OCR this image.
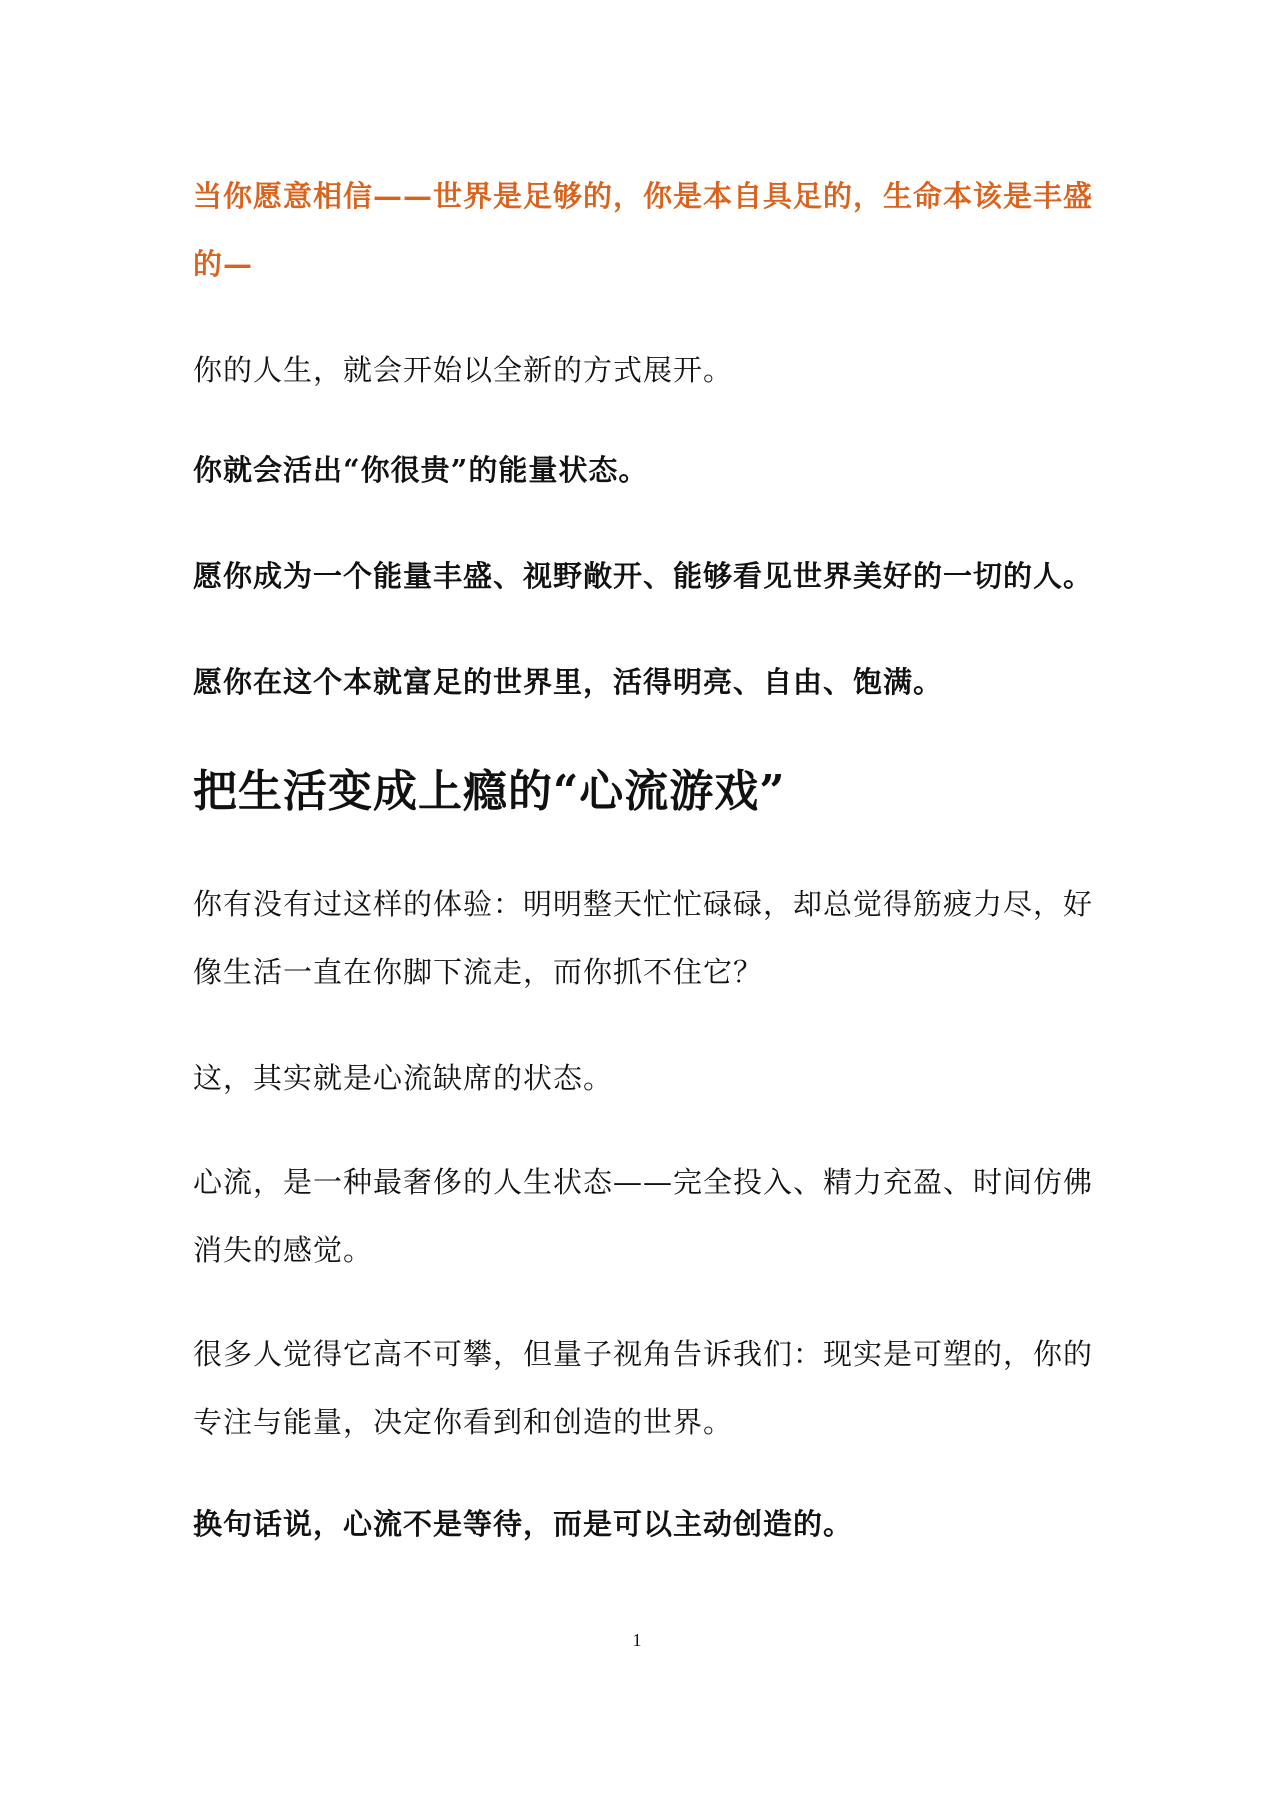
当你愿意相信——世界是足够的，你是本自具足的，生命本该是丰盛的—
你的人生，就会开始以全新的方式展开。
你就会活出“你很贵”的能量状态。
愿你成为一个能量丰盛、视野敞开、能够看见世界美好的一切的人。
愿你在这个本就富足的世界里，活得明亮、自由、饱满。
把生活变成上瘾的“心流游戏”
你有没有过这样的体验：明明整天忙忙碌碌，却总觉得筋疲力尽，好像生活一直在你脚下流走，而你抓不住它？
这，其实就是心流缺席的状态。
心流，是一种最奢侈的人生状态——完全投入、精力充盈、时间仿佛消失的感觉。
很多人觉得它高不可攀，但量子视角告诉我们：现实是可塑的，你的专注与能量，决定你看到和创造的世界。
换句话说，心流不是等待，而是可以主动创造的。
1
